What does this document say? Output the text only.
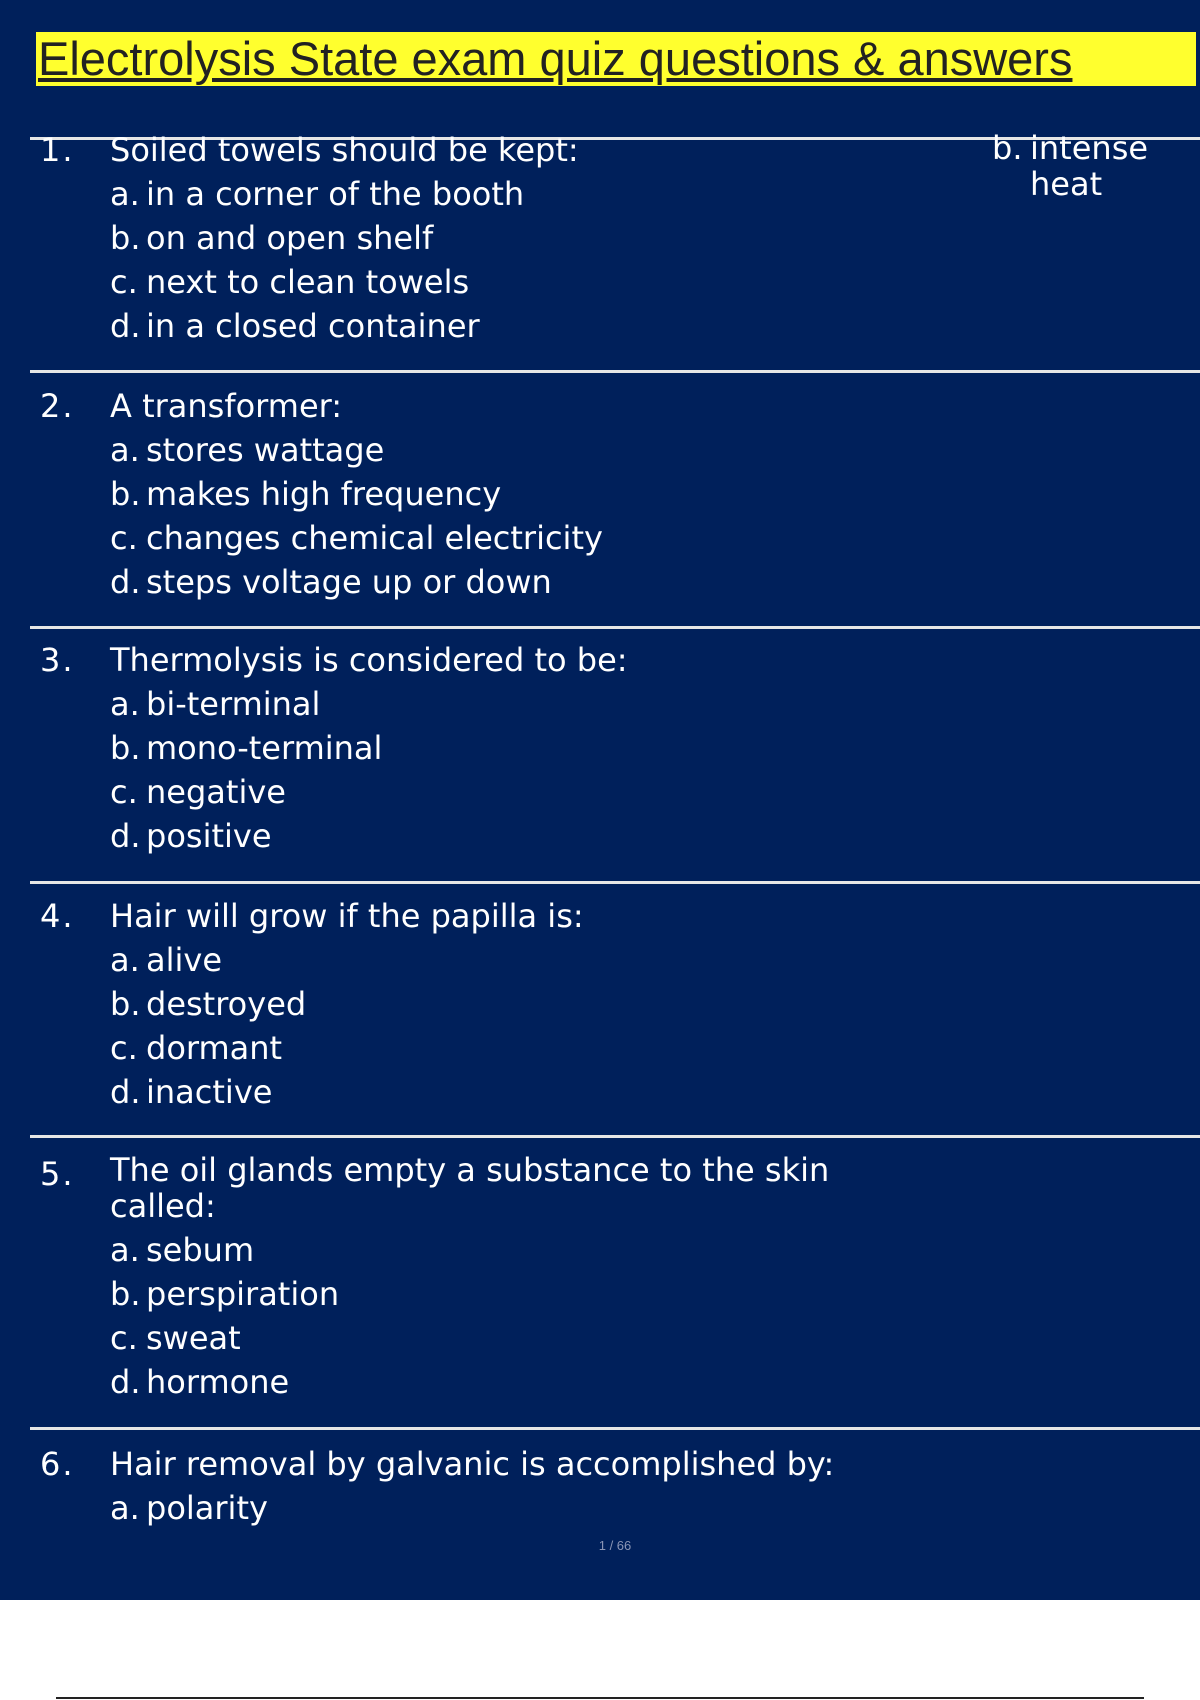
Electrolysis State exam quiz questions & answers
b. intense
heat
1. Soiled towels should be kept:
a. in a corner of the booth
b. on and open shelf
c. next to clean towels
d. in a closed container
2. A transformer:
a. stores wattage
b. makes high frequency
c. changes chemical electricity
d. steps voltage up or down
3. Thermolysis is considered to be:
a. bi-terminal
b. mono-terminal
c. negative
d. positive
4. Hair will grow if the papilla is:
a. alive
b. destroyed
c. dormant
d. inactive
5. The oil glands empty a substance to the skin called:
a. sebum
b. perspiration
c. sweat
d. hormone
6. Hair removal by galvanic is accomplished by:
a. polarity
1 / 66
